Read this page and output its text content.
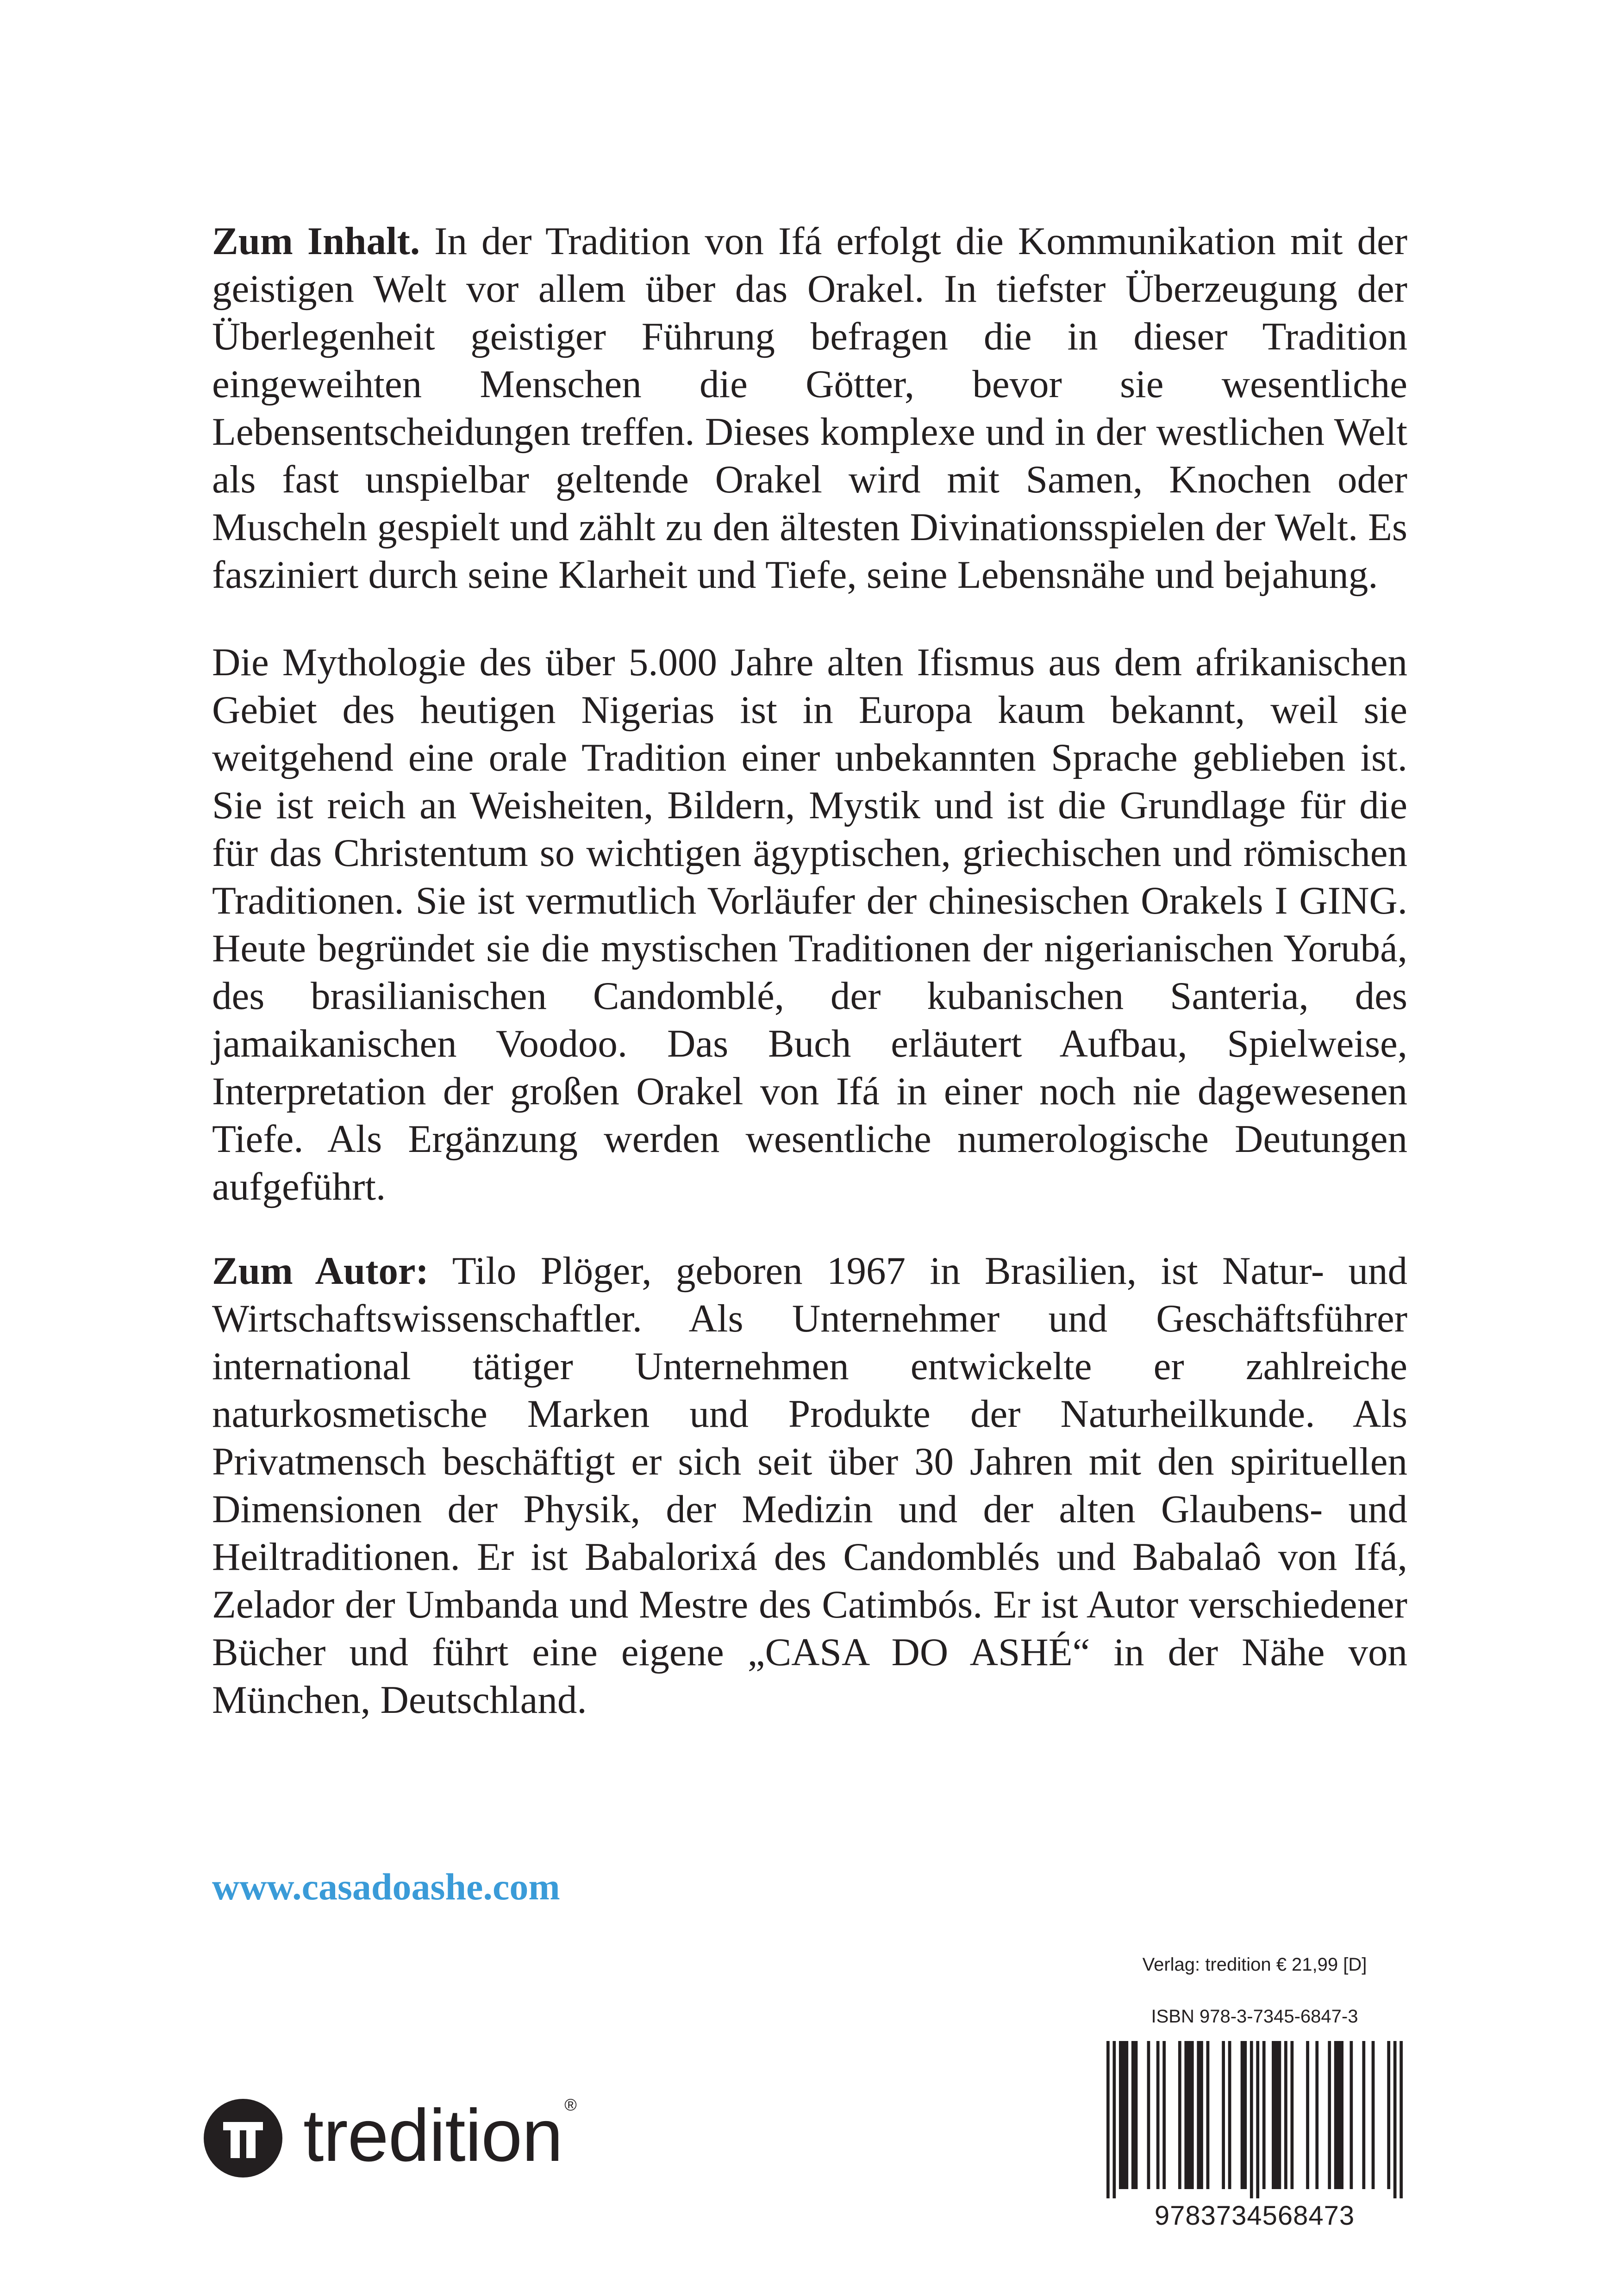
Zum Inhalt. In der Tradition von Ifá erfolgt die Kommunikation mit der geistigen Welt vor allem über das Orakel. In tiefster Überzeugung der Überlegenheit geistiger Führung befragen die in dieser Tradition eingeweihten Menschen die Götter, bevor sie wesentliche Lebensentscheidungen treffen. Dieses komplexe und in der westlichen Welt als fast unspielbar geltende Orakel wird mit Samen, Knochen oder Muscheln gespielt und zählt zu den ältesten Divinationsspielen der Welt. Es fasziniert durch seine Klarheit und Tiefe, seine Lebensnähe und bejahung.
Die Mythologie des über 5.000 Jahre alten Ifismus aus dem afrikanischen Gebiet des heutigen Nigerias ist in Europa kaum bekannt, weil sie weitgehend eine orale Tradition einer unbekannten Sprache geblieben ist. Sie ist reich an Weisheiten, Bildern, Mystik und ist die Grundlage für die für das Christentum so wichtigen ägyptischen, griechischen und römischen Traditionen. Sie ist vermutlich Vorläufer der chinesischen Orakels I GING. Heute begründet sie die mystischen Traditionen der nigerianischen Yorubá, des brasilianischen Candomblé, der kubanischen Santeria, des jamaikanischen Voodoo. Das Buch erläutert Aufbau, Spielweise, Interpretation der großen Orakel von Ifá in einer noch nie dagewesenen Tiefe. Als Ergänzung werden wesentliche numerologische Deutungen aufgeführt.
Zum Autor: Tilo Plöger, geboren 1967 in Brasilien, ist Natur- und Wirtschaftswissenschaftler. Als Unternehmer und Geschäftsführer international tätiger Unternehmen entwickelte er zahlreiche naturkosmetische Marken und Produkte der Naturheilkunde. Als Privatmensch beschäftigt er sich seit über 30 Jahren mit den spirituellen Dimensionen der Physik, der Medizin und der alten Glaubens- und Heiltraditionen. Er ist Babalorixá des Candomblés und Babalaô von Ifá, Zelador der Umbanda und Mestre des Catimbós. Er ist Autor verschiedener Bücher und führt eine eigene „CASA DO ASHÉ“ in der Nähe von München, Deutschland.
www.casadoashe.com
tredition ®
Verlag: tredition € 21,99 [D]
ISBN 978-3-7345-6847-3
9783734568473
